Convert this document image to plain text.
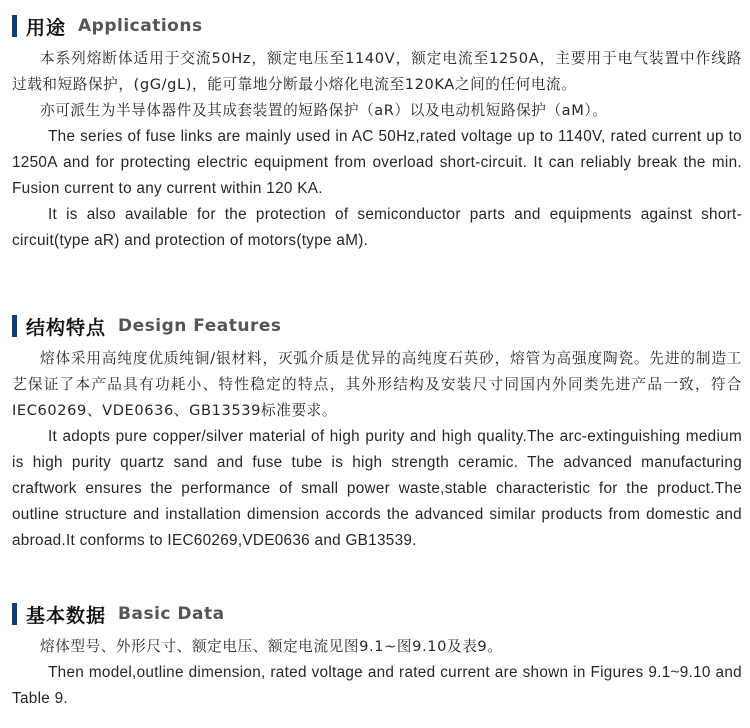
用途 Applications

本系列熔断体适用于交流50Hz，额定电压至1140V，额定电流至1250A，主要用于电气装置中作线路过载和短路保护，(gG/gL)，能可靠地分断最小熔化电流至120KA之间的任何电流。

亦可派生为半导体器件及其成套装置的短路保护（aR）以及电动机短路保护（aM）。

The series of fuse links are mainly used in AC 50Hz,rated voltage up to 1140V, rated current up to 1250A and for protecting electric equipment from overload short-circuit. It can reliably break the min. Fusion current to any current within 120 KA.

It is also available for the protection of semiconductor parts and equipments against short-circuit(type aR) and protection of motors(type aM).

结构特点 Design Features

熔体采用高纯度优质纯铜/银材料，灭弧介质是优异的高纯度石英砂，熔管为高强度陶瓷。先进的制造工艺保证了本产品具有功耗小、特性稳定的特点，其外形结构及安装尺寸同国内外同类先进产品一致，符合IEC60269、VDE0636、GB13539标准要求。

It adopts pure copper/silver material of high purity and high quality.The arc-extinguishing medium is high purity quartz sand and fuse tube is high strength ceramic. The advanced manufacturing craftwork ensures the performance of small power waste,stable characteristic for the product.The outline structure and installation dimension accords the advanced similar products from domestic and abroad.It conforms to IEC60269,VDE0636 and GB13539.

基本数据 Basic Data

熔体型号、外形尺寸、额定电压、额定电流见图9.1~图9.10及表9。

Then model,outline dimension, rated voltage and rated current are shown in Figures 9.1~9.10 and Table 9.
